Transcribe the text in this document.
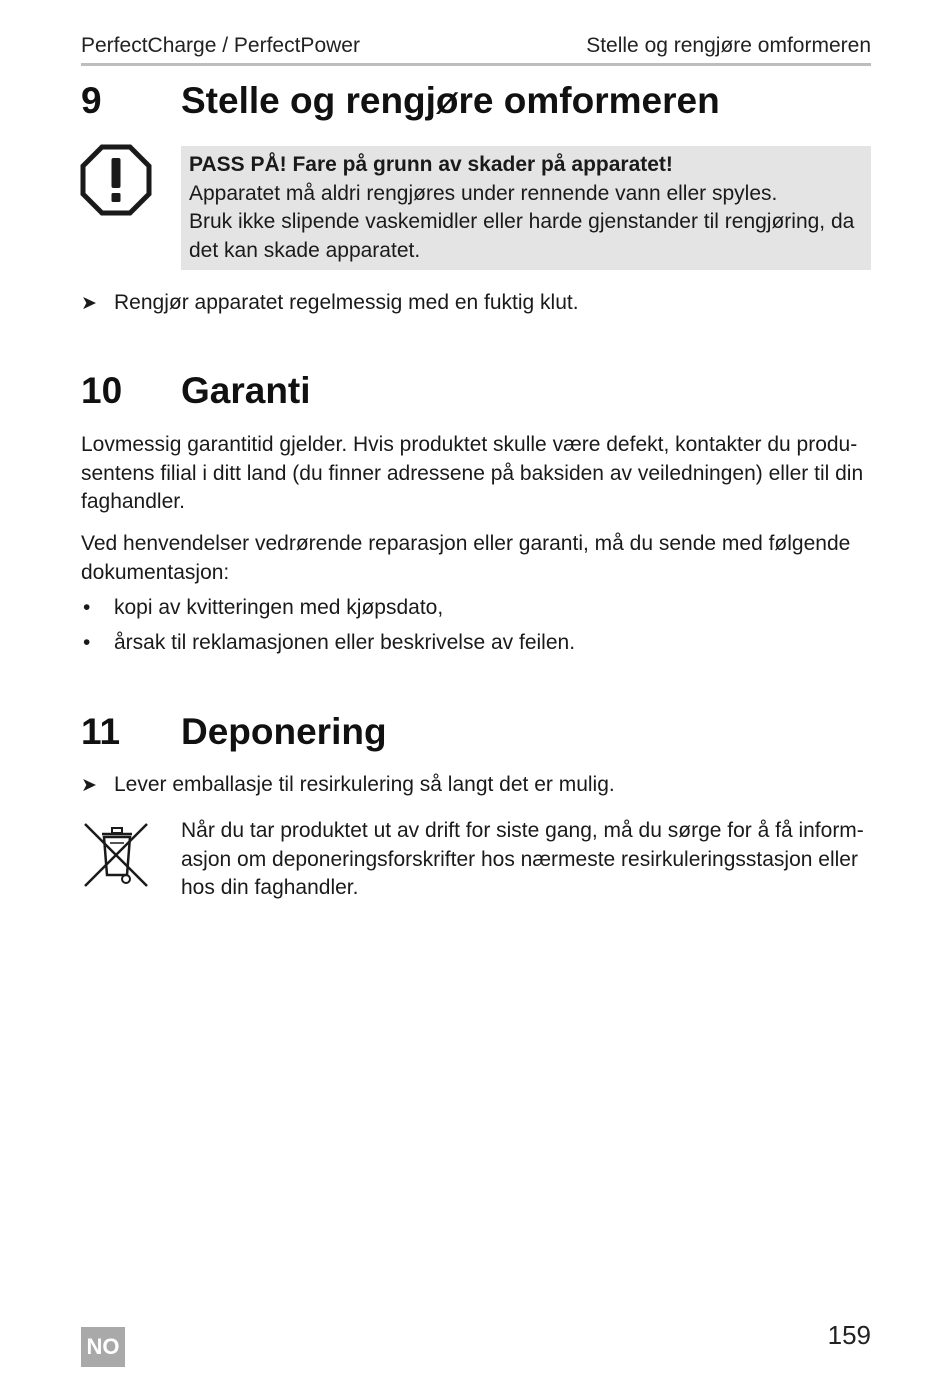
PerfectCharge / PerfectPower	Stelle og rengjøre omformeren
9 Stelle og rengjøre omformeren
PASS PÅ! Fare på grunn av skader på apparatet!
Apparatet må aldri rengjøres under rennende vann eller spyles.
Bruk ikke slipende vaskemidler eller harde gjenstander til rengjøring, da
det kan skade apparatet.
➤ Rengjør apparatet regelmessig med en fuktig klut.
10 Garanti
Lovmessig garantitid gjelder. Hvis produktet skulle være defekt, kontakter du produ-
sentens filial i ditt land (du finner adressene på baksiden av veiledningen) eller til din
faghandler.
Ved henvendelser vedrørende reparasjon eller garanti, må du sende med følgende
dokumentasjon:
• kopi av kvitteringen med kjøpsdato,
• årsak til reklamasjonen eller beskrivelse av feilen.
11 Deponering
➤ Lever emballasje til resirkulering så langt det er mulig.
Når du tar produktet ut av drift for siste gang, må du sørge for å få inform-
asjon om deponeringsforskrifter hos nærmeste resirkuleringsstasjon eller
hos din faghandler.
NO	159
